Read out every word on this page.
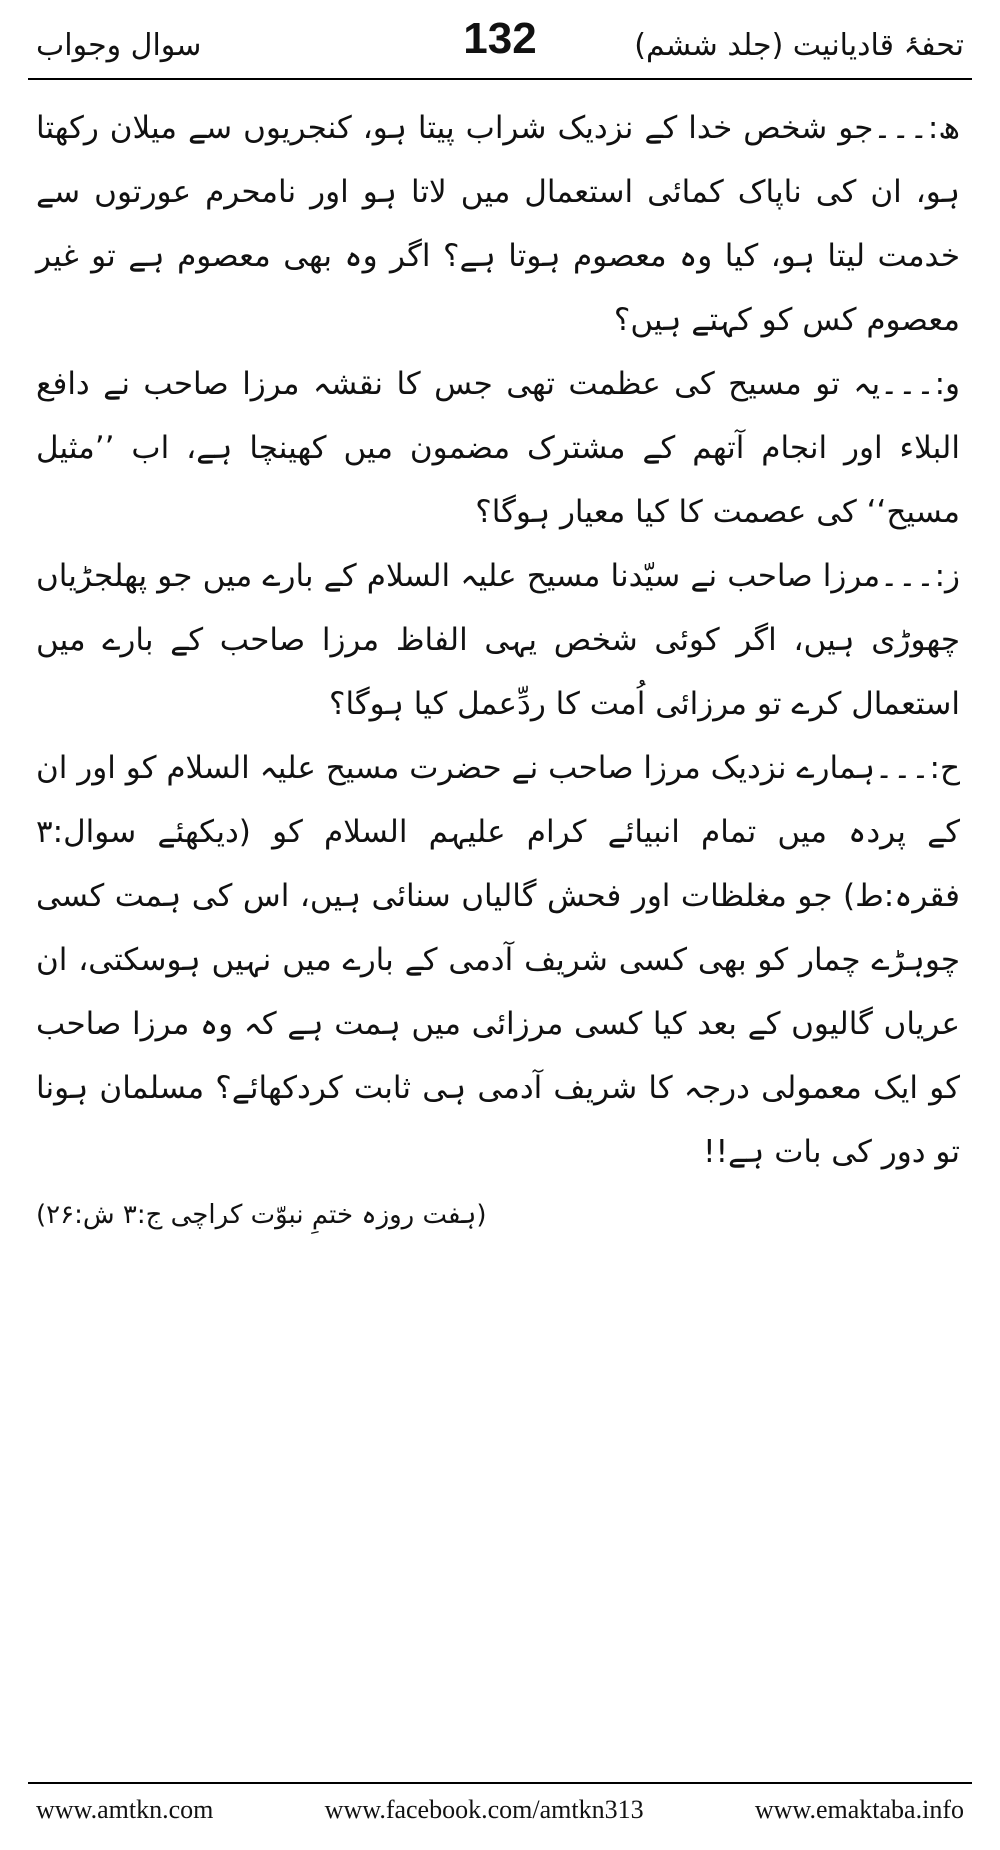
تحفۂ قادیانیت (جلد ششم)
132
سوال وجواب

ھ:۔۔۔جو شخص خدا کے نزدیک شراب پیتا ہو، کنجریوں سے میلان رکھتا ہو، ان کی ناپاک کمائی استعمال میں لاتا ہو اور نامحرم عورتوں سے خدمت لیتا ہو، کیا وہ معصوم ہوتا ہے؟ اگر وہ بھی معصوم ہے تو غیر معصوم کس کو کہتے ہیں؟

و:۔۔۔یہ تو مسیح کی عظمت تھی جس کا نقشہ مرزا صاحب نے دافع البلاء اور انجام آتھم کے مشترک مضمون میں کھینچا ہے، اب ’’مثیل مسیح‘‘ کی عصمت کا کیا معیار ہوگا؟

ز:۔۔۔مرزا صاحب نے سیّدنا مسیح علیہ السلام کے بارے میں جو پھلجڑیاں چھوڑی ہیں، اگر کوئی شخص یہی الفاظ مرزا صاحب کے بارے میں استعمال کرے تو مرزائی اُمت کا ردِّعمل کیا ہوگا؟

ح:۔۔۔ہمارے نزدیک مرزا صاحب نے حضرت مسیح علیہ السلام کو اور ان کے پردہ میں تمام انبیائے کرام علیہم السلام کو (دیکھئے سوال:۳ فقرہ:ط) جو مغلظات اور فحش گالیاں سنائی ہیں، اس کی ہمت کسی چوہڑے چمار کو بھی کسی شریف آدمی کے بارے میں نہیں ہوسکتی، ان عریاں گالیوں کے بعد کیا کسی مرزائی میں ہمت ہے کہ وہ مرزا صاحب کو ایک معمولی درجہ کا شریف آدمی ہی ثابت کردکھائے؟ مسلمان ہونا تو دور کی بات ہے!!

(ہفت روزہ ختمِ نبوّت کراچی ج:۳ ش:۲۶)

www.amtkn.com	www.facebook.com/amtkn313	www.emaktaba.info
